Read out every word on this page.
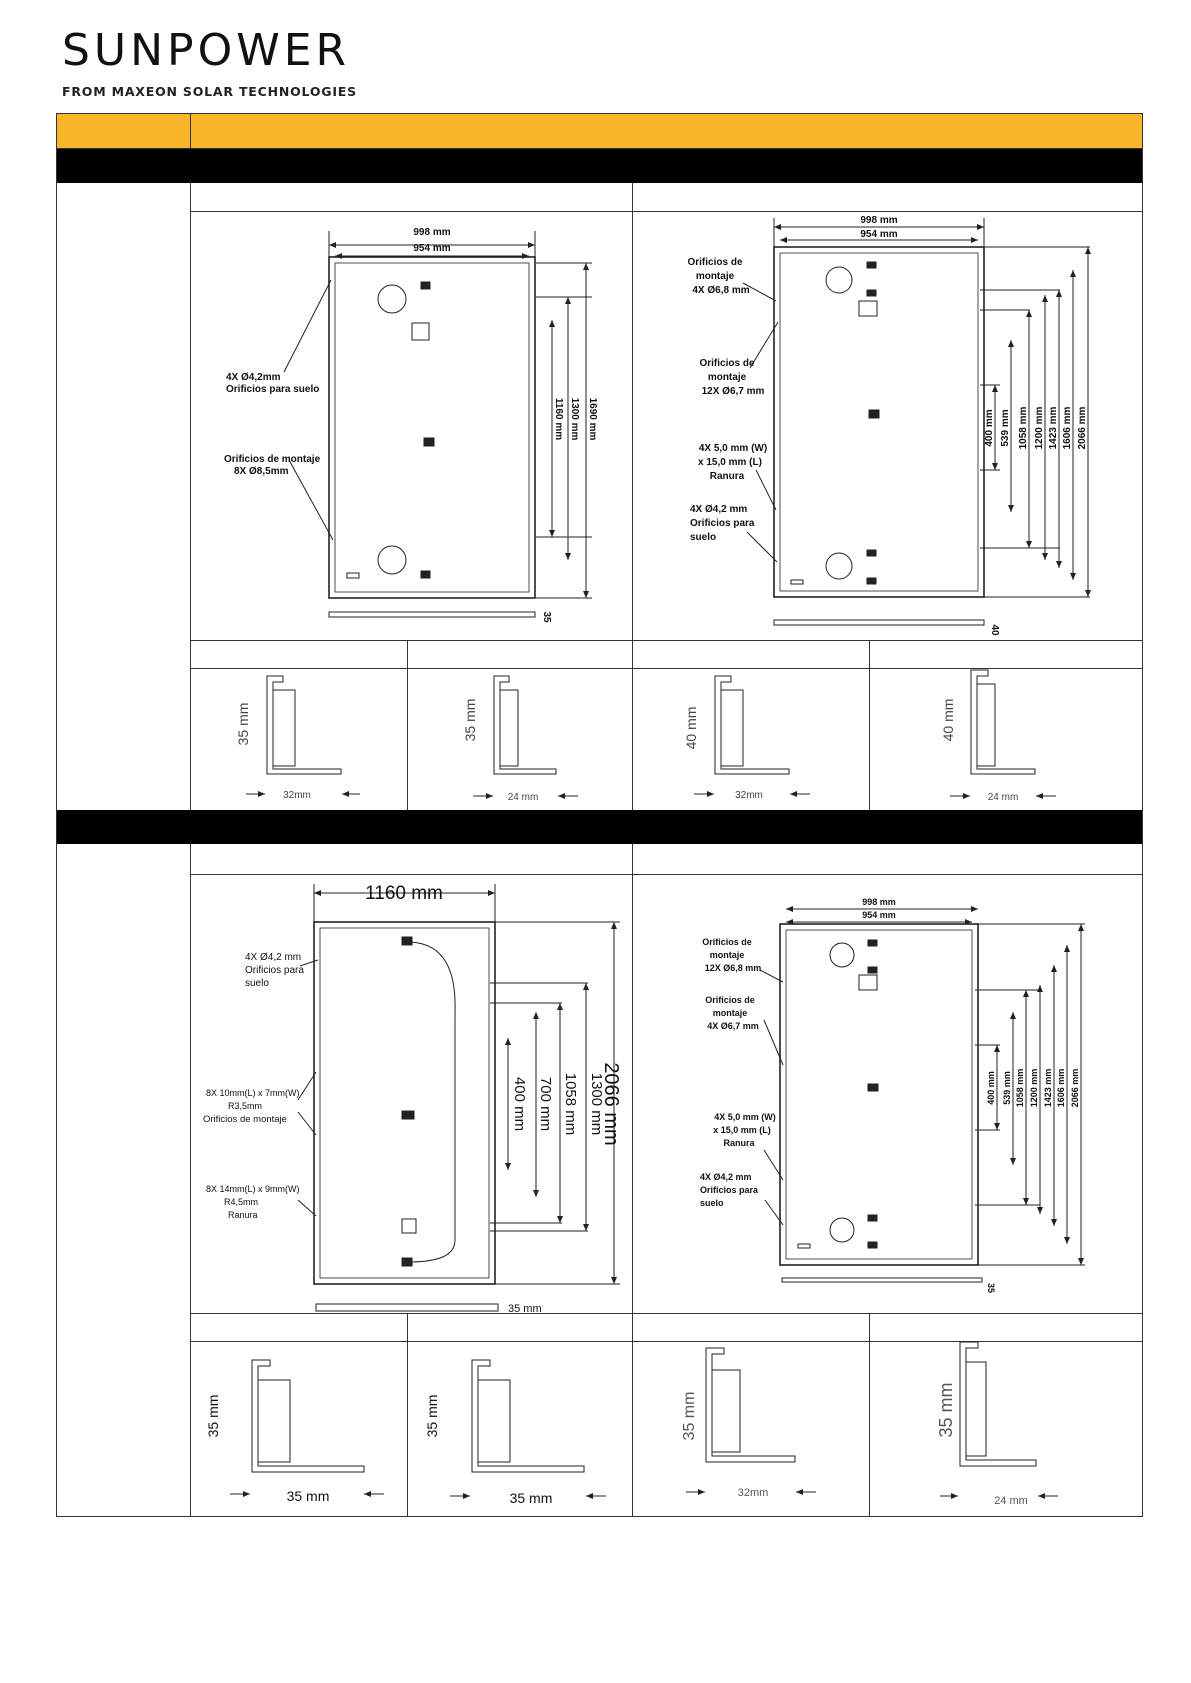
SUNPOWER
FROM MAXEON SOLAR TECHNOLOGIES
998 mm
954 mm
4X Ø4,2mm
Orificios para suelo
Orificios de montaje
8X Ø8,5mm
1160 mm 1300 mm 1690 mm
35
998 mm
954 mm
Orificios de
montaje
4X Ø6,8 mm
Orificios de
montaje
12X Ø6,7 mm
4X 5,0 mm (W)
x 15,0 mm (L)
Ranura
4X Ø4,2 mm
Orificios para
suelo
400 mm 539 mm 1058 mm 1200 mm 1423 mm 1606 mm 2066 mm
40
1160 mm
4X Ø4,2 mm
Orificios para
suelo
8X 10mm(L) x 7mm(W)
R3,5mm
Orificios de montaje
8X 14mm(L) x 9mm(W)
R4,5mm
Ranura
400 mm 700 mm 1058 mm 1300 mm
2066 mm
35 mm
998 mm
954 mm
Orificios de
montaje
12X Ø6,8 mm
Orificios de
montaje
4X Ø6,7 mm
4X 5,0 mm (W)
x 15,0 mm (L)
Ranura
4X Ø4,2 mm
Orificios para
suelo
400 mm 539 mm 1058 mm 1200 mm 1423 mm 1606 mm 2066 mm
35
35 mm
32mm
35 mm
24 mm
40 mm
32mm
40 mm
24 mm
35 mm
35 mm
35 mm
35 mm
35 mm
32mm
35 mm
24 mm
